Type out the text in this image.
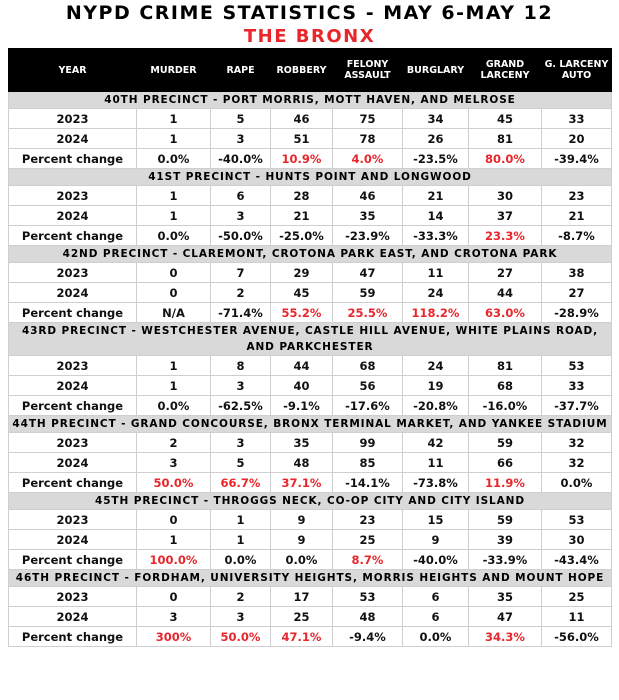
NYPD CRIME STATISTICS - MAY 6-MAY 12
THE BRONX
YEAR	MURDER	RAPE	ROBBERY	FELONY ASSAULT	BURGLARY	GRAND LARCENY	G. LARCENY AUTO
40TH PRECINCT - PORT MORRIS, MOTT HAVEN, AND MELROSE							
2023	1	5	46	75	34	45	33
2024	1	3	51	78	26	81	20
Percent change	0.0%	-40.0%	10.9%	4.0%	-23.5%	80.0%	-39.4%
41ST PRECINCT - HUNTS POINT AND LONGWOOD							
2023	1	6	28	46	21	30	23
2024	1	3	21	35	14	37	21
Percent change	0.0%	-50.0%	-25.0%	-23.9%	-33.3%	23.3%	-8.7%
42ND PRECINCT - CLAREMONT, CROTONA PARK EAST, AND CROTONA PARK							
2023	0	7	29	47	11	27	38
2024	0	2	45	59	24	44	27
Percent change	N/A	-71.4%	55.2%	25.5%	118.2%	63.0%	-28.9%
43RD PRECINCT - WESTCHESTER AVENUE, CASTLE HILL AVENUE, WHITE PLAINS ROAD, AND PARKCHESTER							
2023	1	8	44	68	24	81	53
2024	1	3	40	56	19	68	33
Percent change	0.0%	-62.5%	-9.1%	-17.6%	-20.8%	-16.0%	-37.7%
44TH PRECINCT - GRAND CONCOURSE, BRONX TERMINAL MARKET, AND YANKEE STADIUM							
2023	2	3	35	99	42	59	32
2024	3	5	48	85	11	66	32
Percent change	50.0%	66.7%	37.1%	-14.1%	-73.8%	11.9%	0.0%
45TH PRECINCT - THROGGS NECK, CO-OP CITY AND CITY ISLAND							
2023	0	1	9	23	15	59	53
2024	1	1	9	25	9	39	30
Percent change	100.0%	0.0%	0.0%	8.7%	-40.0%	-33.9%	-43.4%
46TH PRECINCT - FORDHAM, UNIVERSITY HEIGHTS, MORRIS HEIGHTS AND MOUNT HOPE							
2023	0	2	17	53	6	35	25
2024	3	3	25	48	6	47	11
Percent change	300%	50.0%	47.1%	-9.4%	0.0%	34.3%	-56.0%
